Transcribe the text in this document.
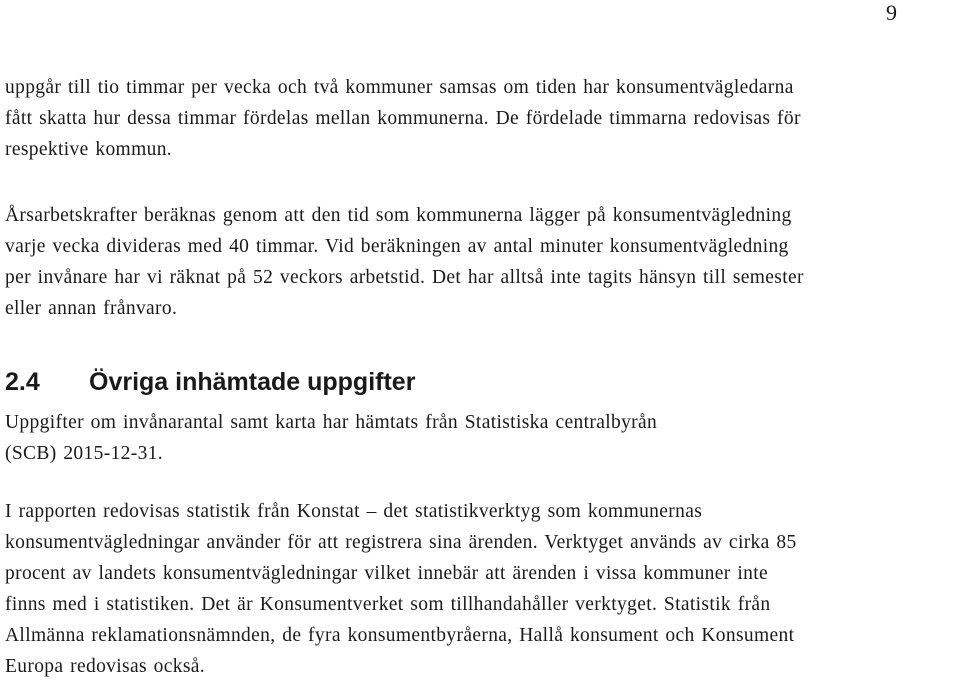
9

uppgår till tio timmar per vecka och två kommuner samsas om tiden har konsumentvägledarna
fått skatta hur dessa timmar fördelas mellan kommunerna. De fördelade timmarna redovisas för
respektive kommun.

Årsarbetskrafter beräknas genom att den tid som kommunerna lägger på konsumentvägledning
varje vecka divideras med 40 timmar. Vid beräkningen av antal minuter konsumentvägledning
per invånare har vi räknat på 52 veckors arbetstid. Det har alltså inte tagits hänsyn till semester
eller annan frånvaro.

2.4 Övriga inhämtade uppgifter

Uppgifter om invånarantal samt karta har hämtats från Statistiska centralbyrån
(SCB) 2015-12-31.

I rapporten redovisas statistik från Konstat – det statistikverktyg som kommunernas
konsumentvägledningar använder för att registrera sina ärenden. Verktyget används av cirka 85
procent av landets konsumentvägledningar vilket innebär att ärenden i vissa kommuner inte
finns med i statistiken. Det är Konsumentverket som tillhandahåller verktyget. Statistik från
Allmänna reklamationsnämnden, de fyra konsumentbyråerna, Hallå konsument och Konsument
Europa redovisas också.
